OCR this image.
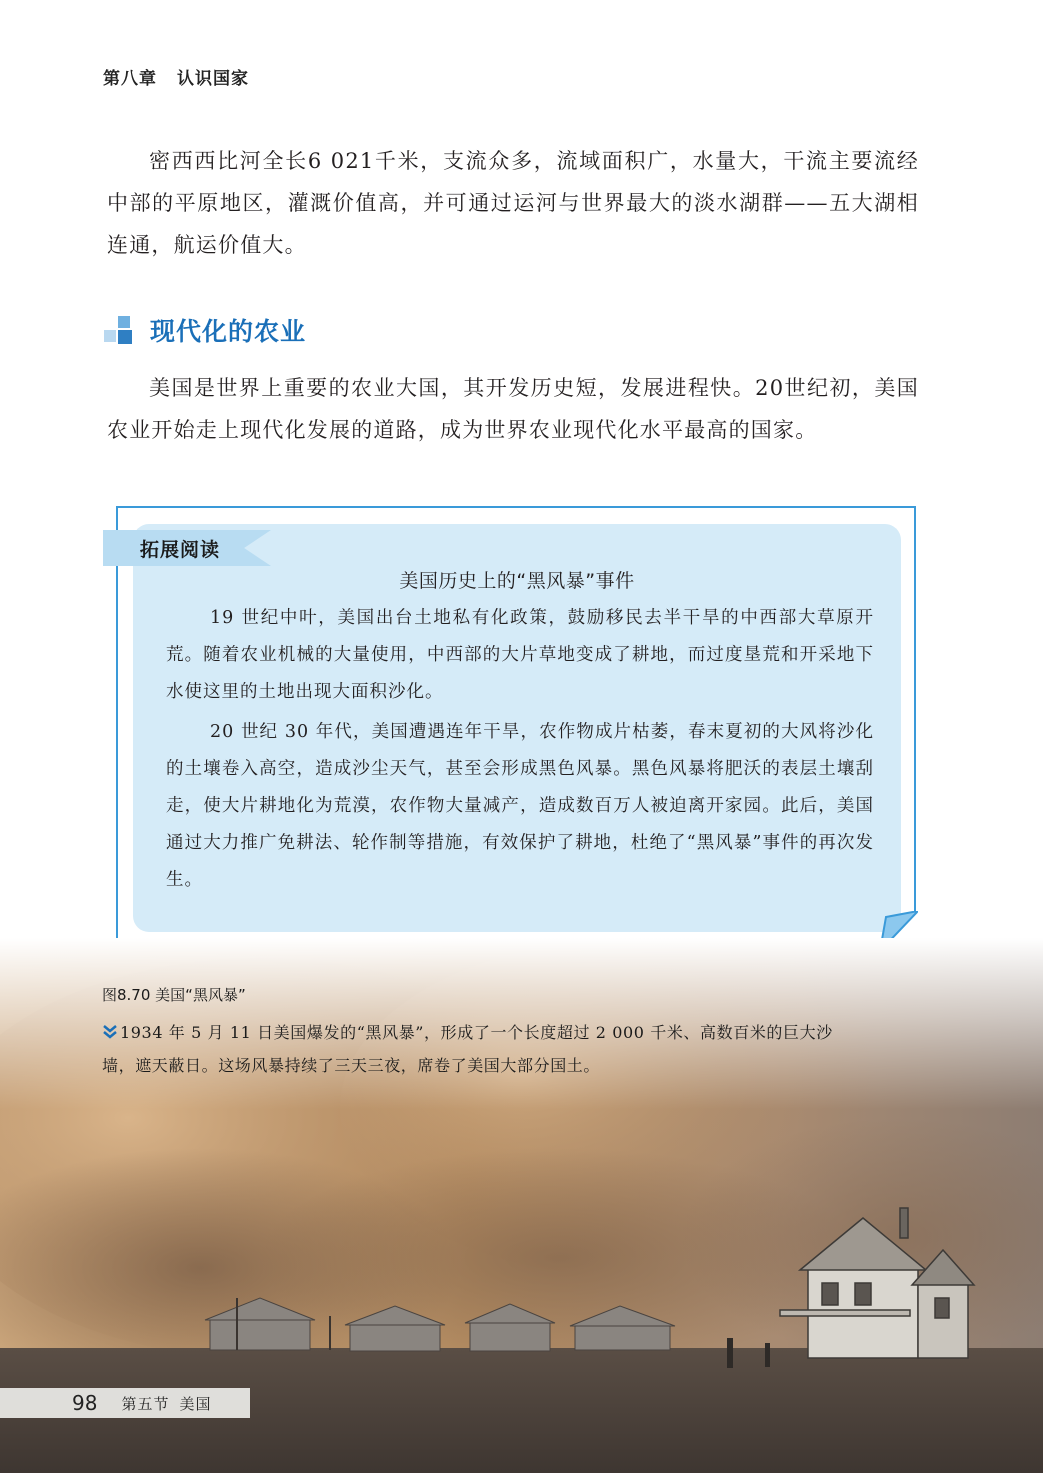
第八章 认识国家

密西西比河全长6 021千米，支流众多，流域面积广，水量大，干流主要流经中部的平原地区，灌溉价值高，并可通过运河与世界最大的淡水湖群——五大湖相连通，航运价值大。

现代化的农业

美国是世界上重要的农业大国，其开发历史短，发展进程快。20世纪初，美国农业开始走上现代化发展的道路，成为世界农业现代化水平最高的国家。

拓展阅读
美国历史上的“黑风暴”事件

19 世纪中叶，美国出台土地私有化政策，鼓励移民去半干旱的中西部大草原开荒。随着农业机械的大量使用，中西部的大片草地变成了耕地，而过度垦荒和开采地下水使这里的土地出现大面积沙化。

20 世纪 30 年代，美国遭遇连年干旱，农作物成片枯萎，春末夏初的大风将沙化的土壤卷入高空，造成沙尘天气，甚至会形成黑色风暴。黑色风暴将肥沃的表层土壤刮走，使大片耕地化为荒漠，农作物大量减产，造成数百万人被迫离开家园。此后，美国通过大力推广免耕法、轮作制等措施，有效保护了耕地，杜绝了“黑风暴”事件的再次发生。

图8.70 美国“黑风暴”

1934 年 5 月 11 日美国爆发的“黑风暴”，形成了一个长度超过 2 000 千米、高数百米的巨大沙墙，遮天蔽日。这场风暴持续了三天三夜，席卷了美国大部分国土。

98 第五节 美国
